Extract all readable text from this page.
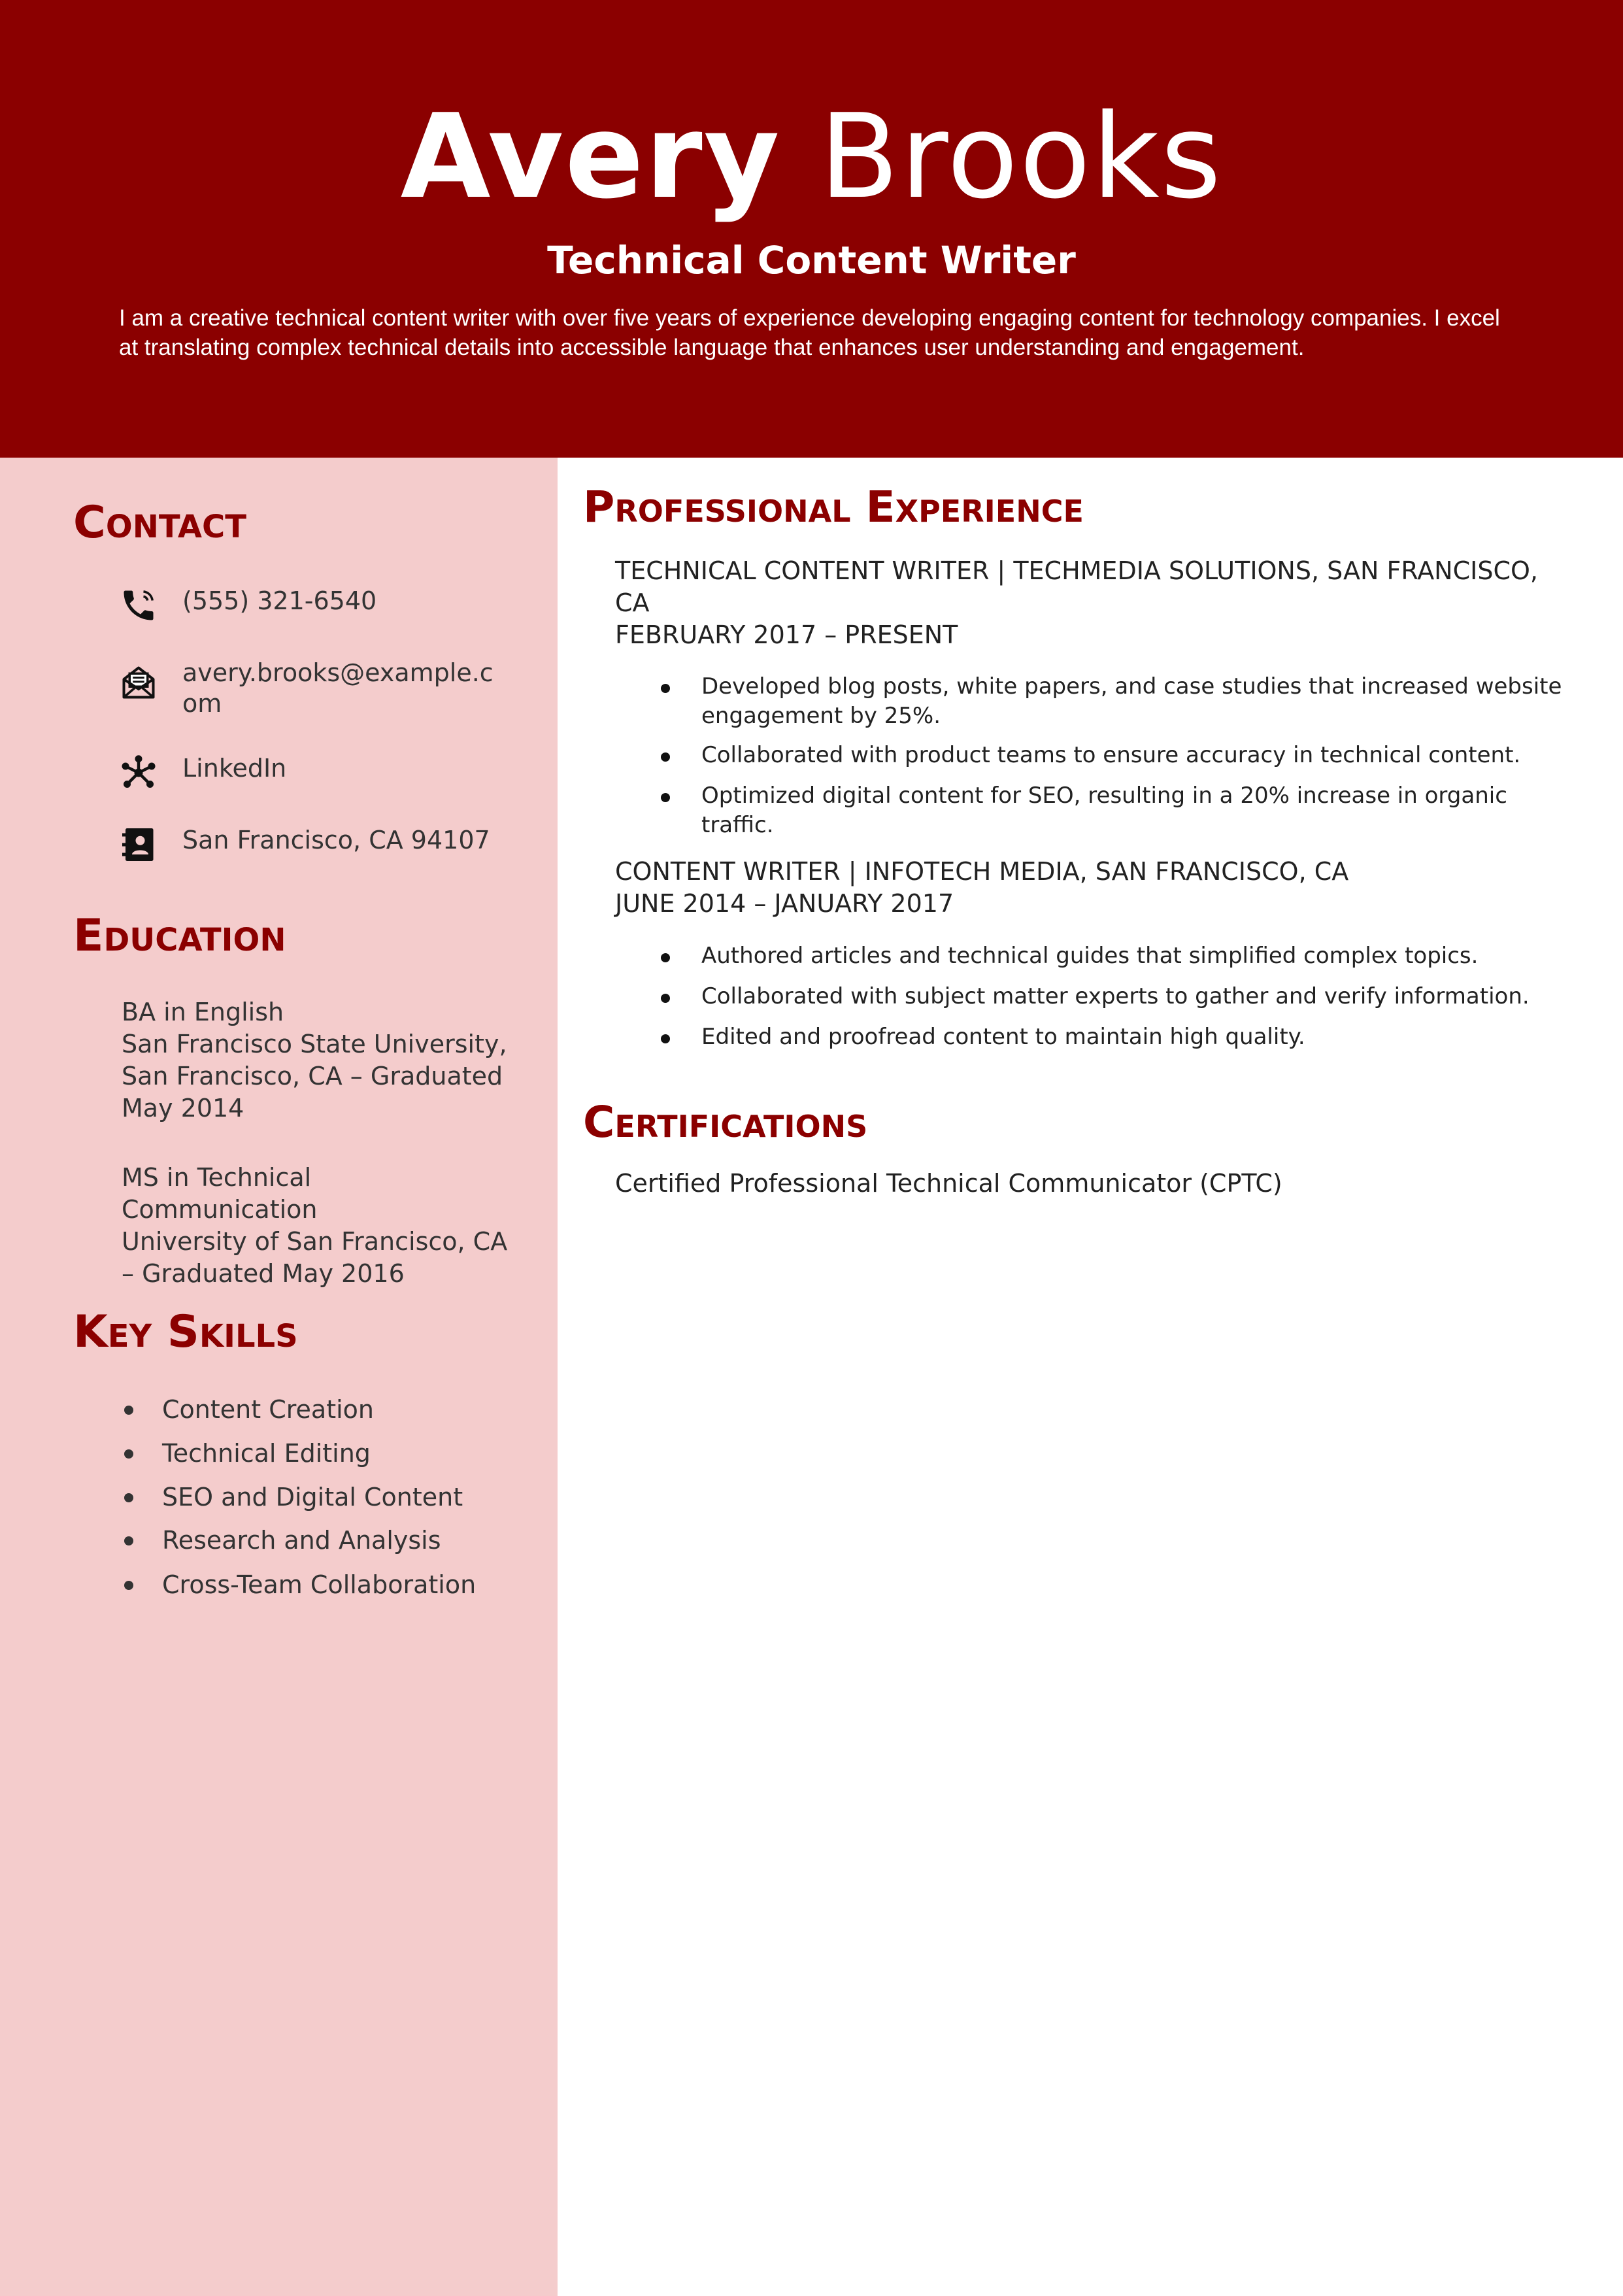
Avery Brooks
Technical Content Writer
I am a creative technical content writer with over five years of experience developing engaging content for technology companies. I excel at translating complex technical details into accessible language that enhances user understanding and engagement.
Contact
(555) 321-6540
avery.brooks@example.com
LinkedIn
San Francisco, CA 94107
Education
BA in English
San Francisco State University, San Francisco, CA – Graduated May 2014
MS in Technical Communication
University of San Francisco, CA – Graduated May 2016
Key Skills
Content Creation
Technical Editing
SEO and Digital Content
Research and Analysis
Cross-Team Collaboration
Professional Experience
TECHNICAL CONTENT WRITER | TECHMEDIA SOLUTIONS, SAN FRANCISCO, CA
FEBRUARY 2017 – PRESENT
Developed blog posts, white papers, and case studies that increased website engagement by 25%.
Collaborated with product teams to ensure accuracy in technical content.
Optimized digital content for SEO, resulting in a 20% increase in organic traffic.
CONTENT WRITER | INFOTECH MEDIA, SAN FRANCISCO, CA
JUNE 2014 – JANUARY 2017
Authored articles and technical guides that simplified complex topics.
Collaborated with subject matter experts to gather and verify information.
Edited and proofread content to maintain high quality.
Certifications
Certified Professional Technical Communicator (CPTC)
